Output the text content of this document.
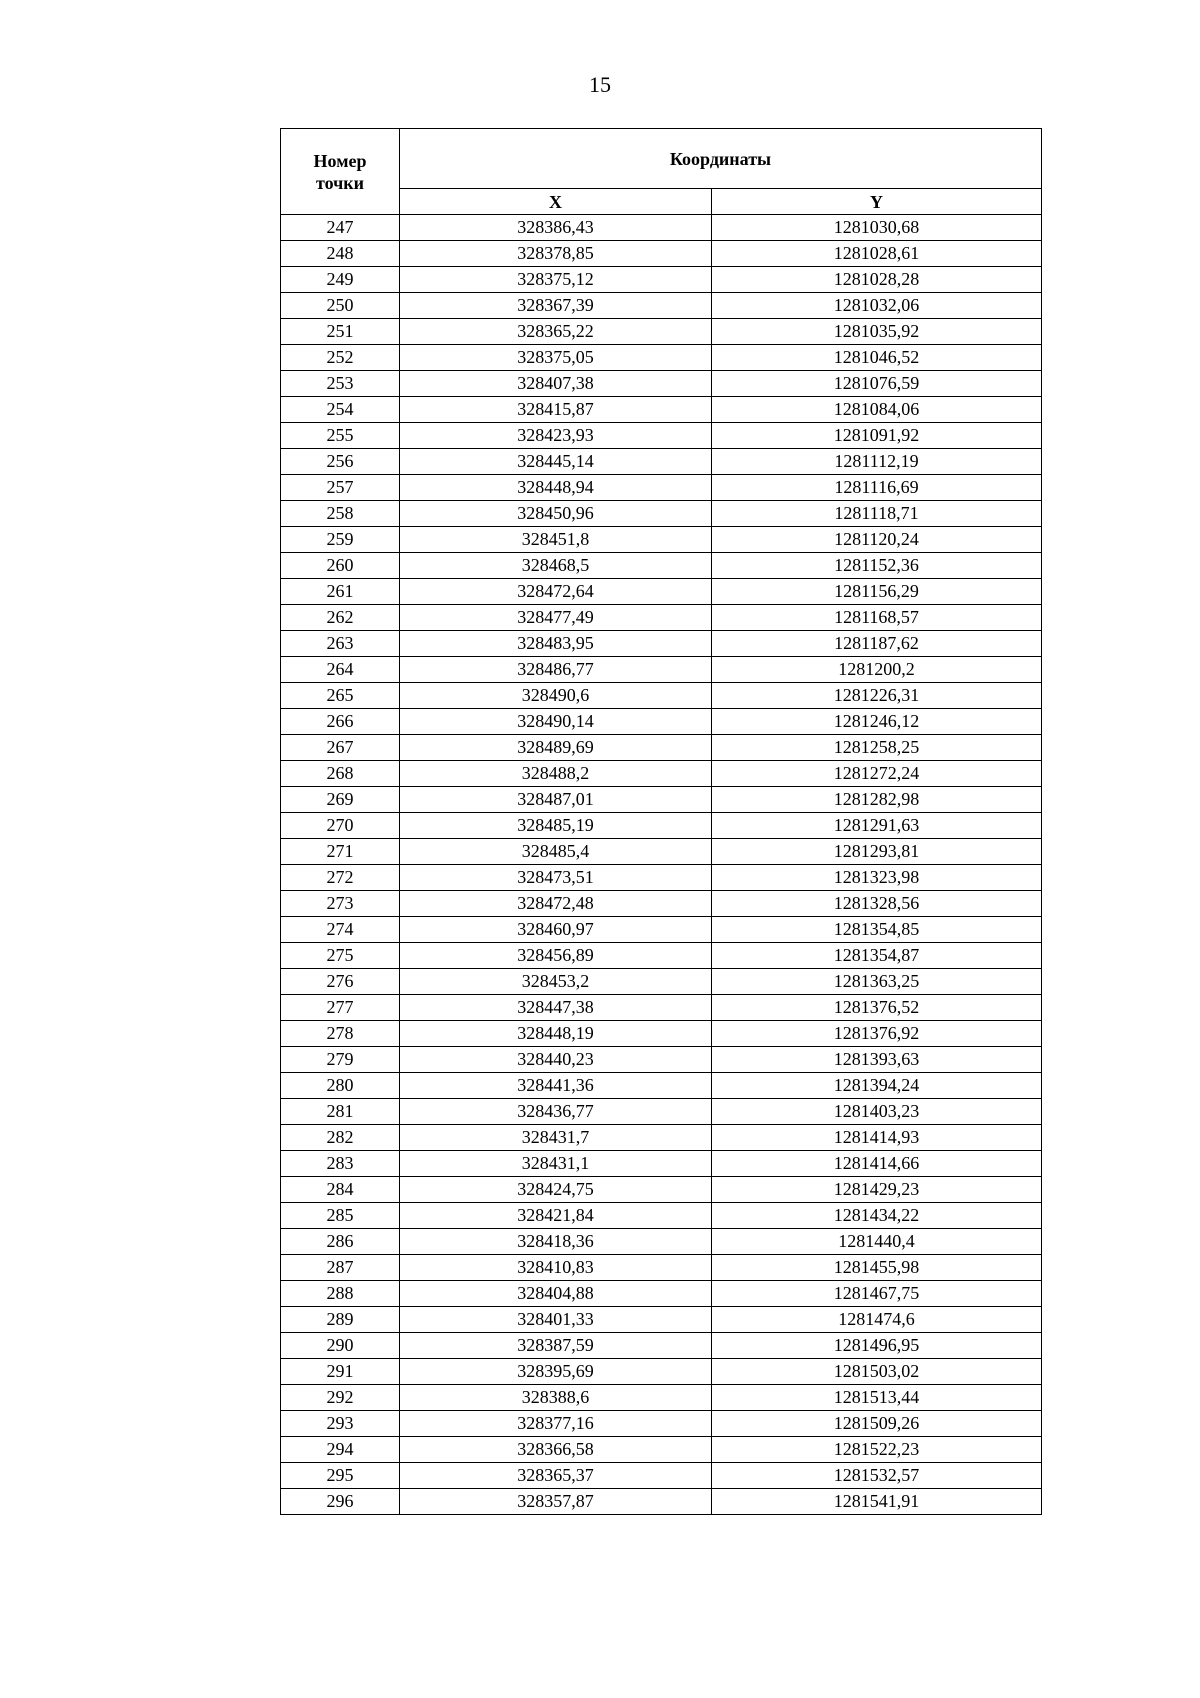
15
Номер точки	Координаты	
	X	Y
247	328386,43	1281030,68
248	328378,85	1281028,61
249	328375,12	1281028,28
250	328367,39	1281032,06
251	328365,22	1281035,92
252	328375,05	1281046,52
253	328407,38	1281076,59
254	328415,87	1281084,06
255	328423,93	1281091,92
256	328445,14	1281112,19
257	328448,94	1281116,69
258	328450,96	1281118,71
259	328451,8	1281120,24
260	328468,5	1281152,36
261	328472,64	1281156,29
262	328477,49	1281168,57
263	328483,95	1281187,62
264	328486,77	1281200,2
265	328490,6	1281226,31
266	328490,14	1281246,12
267	328489,69	1281258,25
268	328488,2	1281272,24
269	328487,01	1281282,98
270	328485,19	1281291,63
271	328485,4	1281293,81
272	328473,51	1281323,98
273	328472,48	1281328,56
274	328460,97	1281354,85
275	328456,89	1281354,87
276	328453,2	1281363,25
277	328447,38	1281376,52
278	328448,19	1281376,92
279	328440,23	1281393,63
280	328441,36	1281394,24
281	328436,77	1281403,23
282	328431,7	1281414,93
283	328431,1	1281414,66
284	328424,75	1281429,23
285	328421,84	1281434,22
286	328418,36	1281440,4
287	328410,83	1281455,98
288	328404,88	1281467,75
289	328401,33	1281474,6
290	328387,59	1281496,95
291	328395,69	1281503,02
292	328388,6	1281513,44
293	328377,16	1281509,26
294	328366,58	1281522,23
295	328365,37	1281532,57
296	328357,87	1281541,91
